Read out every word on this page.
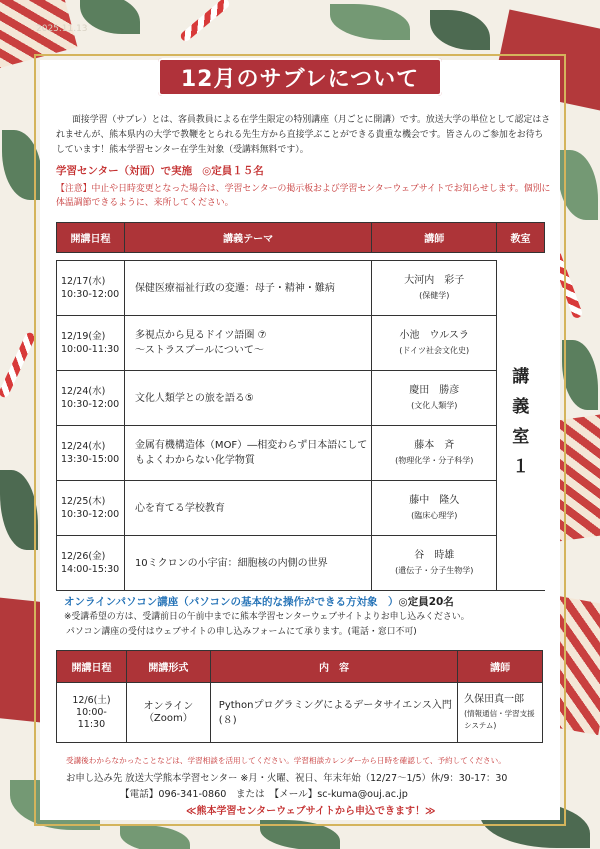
2025.11.13
12月のサブレについて

面接学習（サブレ）とは、客員教員による在学生限定の特別講座（月ごとに開講）です。放送大学の単位として認定はされませんが、熊本県内の大学で教鞭をとられる先生方から直接学ぶことができる貴重な機会です。皆さんのご参加をお待ちしています！熊本学習センター在学生対象（受講料無料です）。

学習センター（対面）で実施 ◎定員１５名
【注意】中止や日時変更となった場合は、学習センターの掲示板および学習センターウェブサイトでお知らせします。個別に体温調節できるように、来所してください。
開講日程	講義テーマ	講師	教室
			講
義
室
１
12/17(水)
10:30-12:00	保健医療福祉行政の変遷：母子・精神・難病	大河内　彩子
(保健学)	

12/19(金)
10:00-11:30	多視点から見るドイツ語圏 ⑦
〜ストラスブールについて〜	小池　ウルスラ
(ドイツ社会文化史)	

12/24(水)
10:30-12:00	文化人類学との旅を語る⑤	慶田　勝彦
(文化人類学)	

12/24(水)
13:30-15:00	金属有機構造体（MOF）―相変わらず日本語にしてもよくわからない化学物質	藤本　斉
(物理化学・分子科学)	

12/25(木)
10:30-12:00	心を育てる学校教育	藤中　隆久
(臨床心理学)	

12/26(金)
14:00-15:30	10ミクロンの小宇宙：細胞核の内側の世界	谷　時雄
(遺伝子・分子生物学)	
オンラインパソコン講座（パソコンの基本的な操作ができる方対象　）◎定員20名
※受講希望の方は、受講前日の午前中までに熊本学習センターウェブサイトよりお申し込みください。
パソコン講座の受付はウェブサイトの申し込みフォームにて承ります。(電話・窓口不可)
開講日程	開講形式	内　容	講師
12/6(土)
10:00-
11:30	オンライン
（Zoom）	Pythonプログラミングによるデータサイエンス入門(８)	久保田真一郎
(情報通信・学習支援システム)
受講後わからなかったことなどは、学習相談を活用してください。学習相談カレンダーから日時を確認して、予約してください。
お申し込み先 放送大学熊本学習センター ※月・火曜、祝日、年末年始（12/27〜1/5）休/9：30-17：30
【電話】096-341-0860　または　【メール】sc-kuma@ouj.ac.jp
≪熊本学習センターウェブサイトから申込できます！≫
